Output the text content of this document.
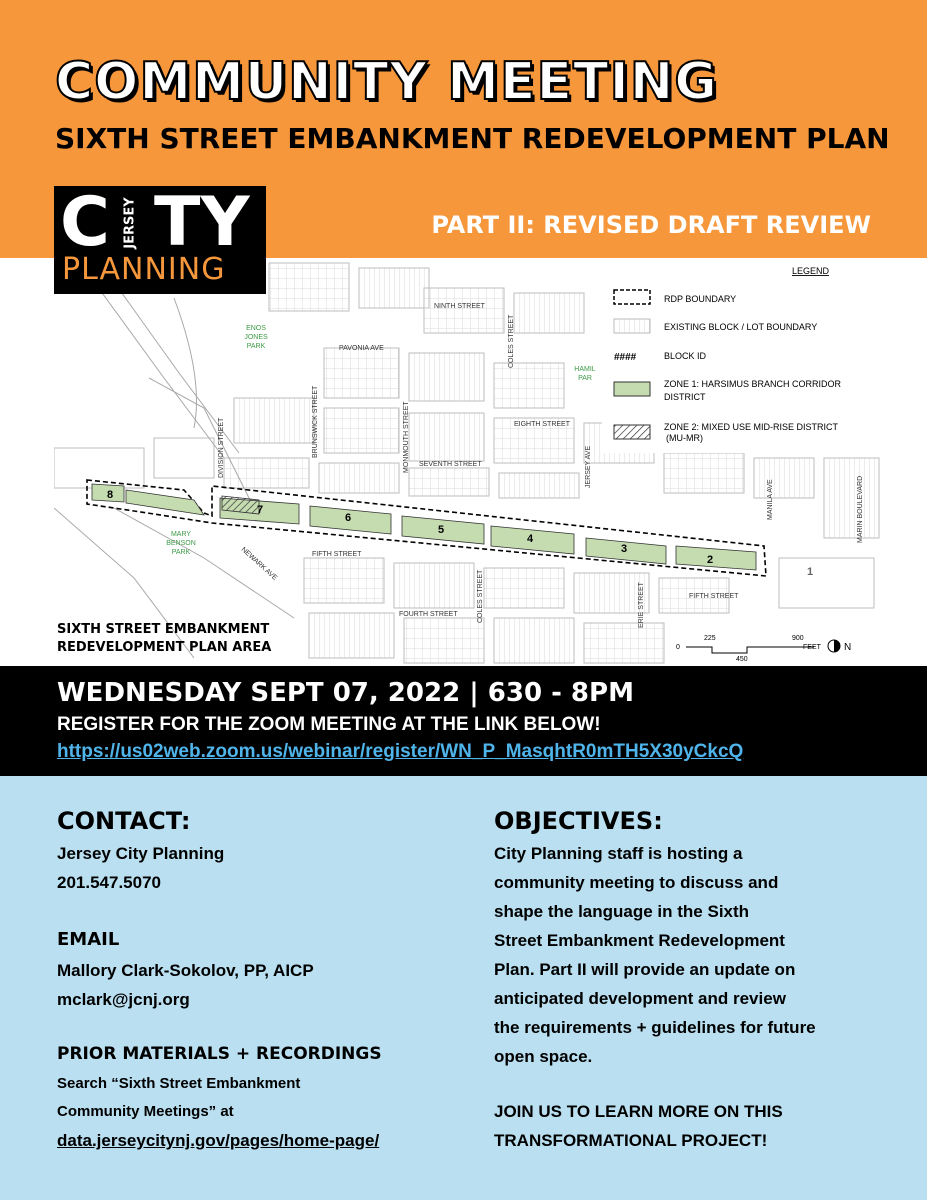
COMMUNITY MEETING
SIXTH STREET EMBANKMENT REDEVELOPMENT PLAN
C JERSEY TY
PLANNING
PART II: REVISED DRAFT REVIEW
NINTH STREET
PAVONIA AVE
EIGHTH STREET
SEVENTH STREET
FIFTH STREET
FIFTH STREET
FOURTH STREET
COLES STREET
COLES STREET
BRUNSWICK STREET	MONMOUTH STREET
DIVISION STREET	JERSEY AVE
ERIE STREET
MANILA AVE	MARIN BOULEVARD
NEWARK AVE
ENOS
JONES
PARK
MARY
BENSON
PARK
HAMIL
PAR
8
7
6
5
4
3
2
1
LEGEND
RDP BOUNDARY
EXISTING BLOCK / LOT BOUNDARY
####	BLOCK ID
ZONE 1: HARSIMUS BRANCH CORRIDOR
DISTRICT
ZONE 2: MIXED USE MID-RISE DISTRICT
(MU-MR)
0
225
450
900
FEET N
SIXTH STREET EMBANKMENT
REDEVELOPMENT PLAN AREA
WEDNESDAY SEPT 07, 2022 | 630 - 8PM
REGISTER FOR THE ZOOM MEETING AT THE LINK BELOW!
https://us02web.zoom.us/webinar/register/WN_P_MasqhtR0mTH5X30yCkcQ
CONTACT:
Jersey City Planning
201.547.5070
EMAIL
Mallory Clark-Sokolov, PP, AICP
mclark@jcnj.org
PRIOR MATERIALS + RECORDINGS
Search “Sixth Street Embankment
Community Meetings” at
data.jerseycitynj.gov/pages/home-page/
OBJECTIVES:
City Planning staff is hosting a
community meeting to discuss and
shape the language in the Sixth
Street Embankment Redevelopment
Plan. Part II will provide an update on
anticipated development and review
the requirements + guidelines for future
open space.
JOIN US TO LEARN MORE ON THIS
TRANSFORMATIONAL PROJECT!
